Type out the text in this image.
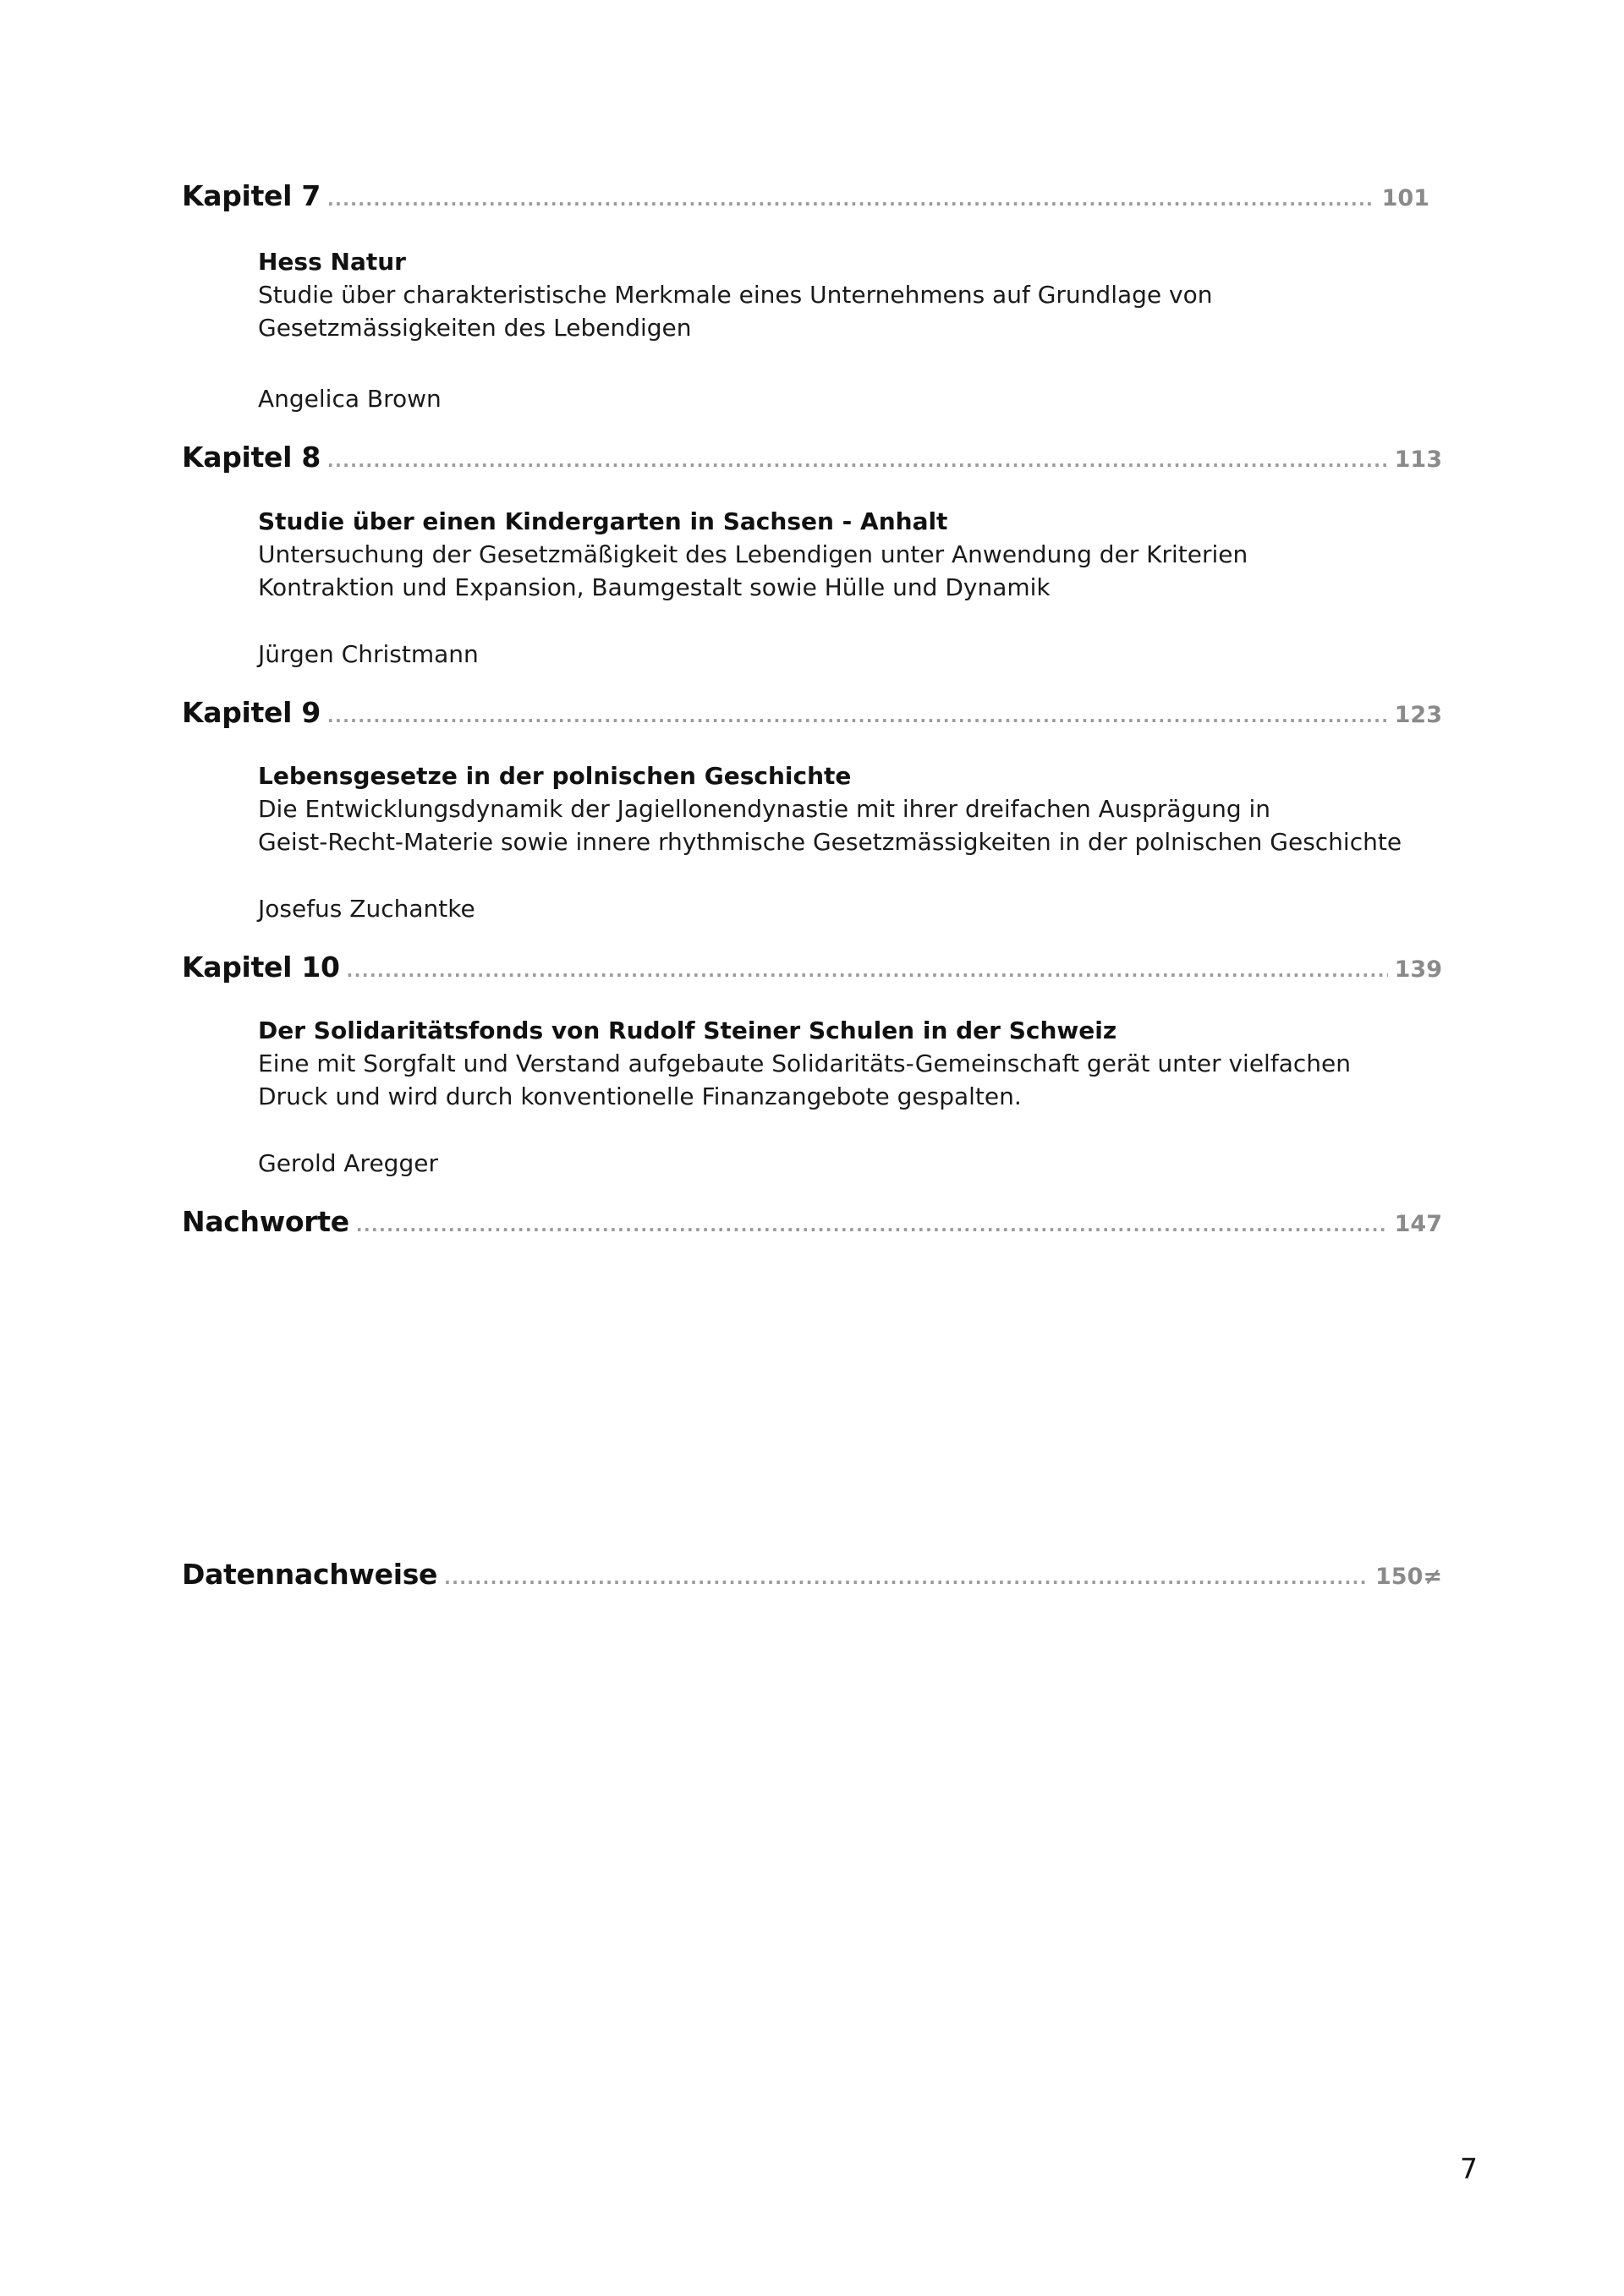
Kapitel 7 .....	101
Hess Natur
Studie über charakteristische Merkmale eines Unternehmens auf Grundlage von
Gesetzmässigkeiten des Lebendigen
Angelica Brown
Kapitel 8 .....	113
Studie über einen Kindergarten in Sachsen - Anhalt
Untersuchung der Gesetzmäßigkeit des Lebendigen unter Anwendung der Kriterien
Kontraktion und Expansion, Baumgestalt sowie Hülle und Dynamik
Jürgen Christmann
Kapitel 9 .....	123
Lebensgesetze in der polnischen Geschichte
Die Entwicklungsdynamik der Jagiellonendynastie mit ihrer dreifachen Ausprägung in
Geist-Recht-Materie sowie innere rhythmische Gesetzmässigkeiten in der polnischen Geschichte
Josefus Zuchantke
Kapitel 10 .....	139
Der Solidaritätsfonds von Rudolf Steiner Schulen in der Schweiz
Eine mit Sorgfalt und Verstand aufgebaute Solidaritäts-Gemeinschaft gerät unter vielfachen
Druck und wird durch konventionelle Finanzangebote gespalten.
Gerold Aregger
Nachworte .....	147
Datennachweise .....	150≠
7
